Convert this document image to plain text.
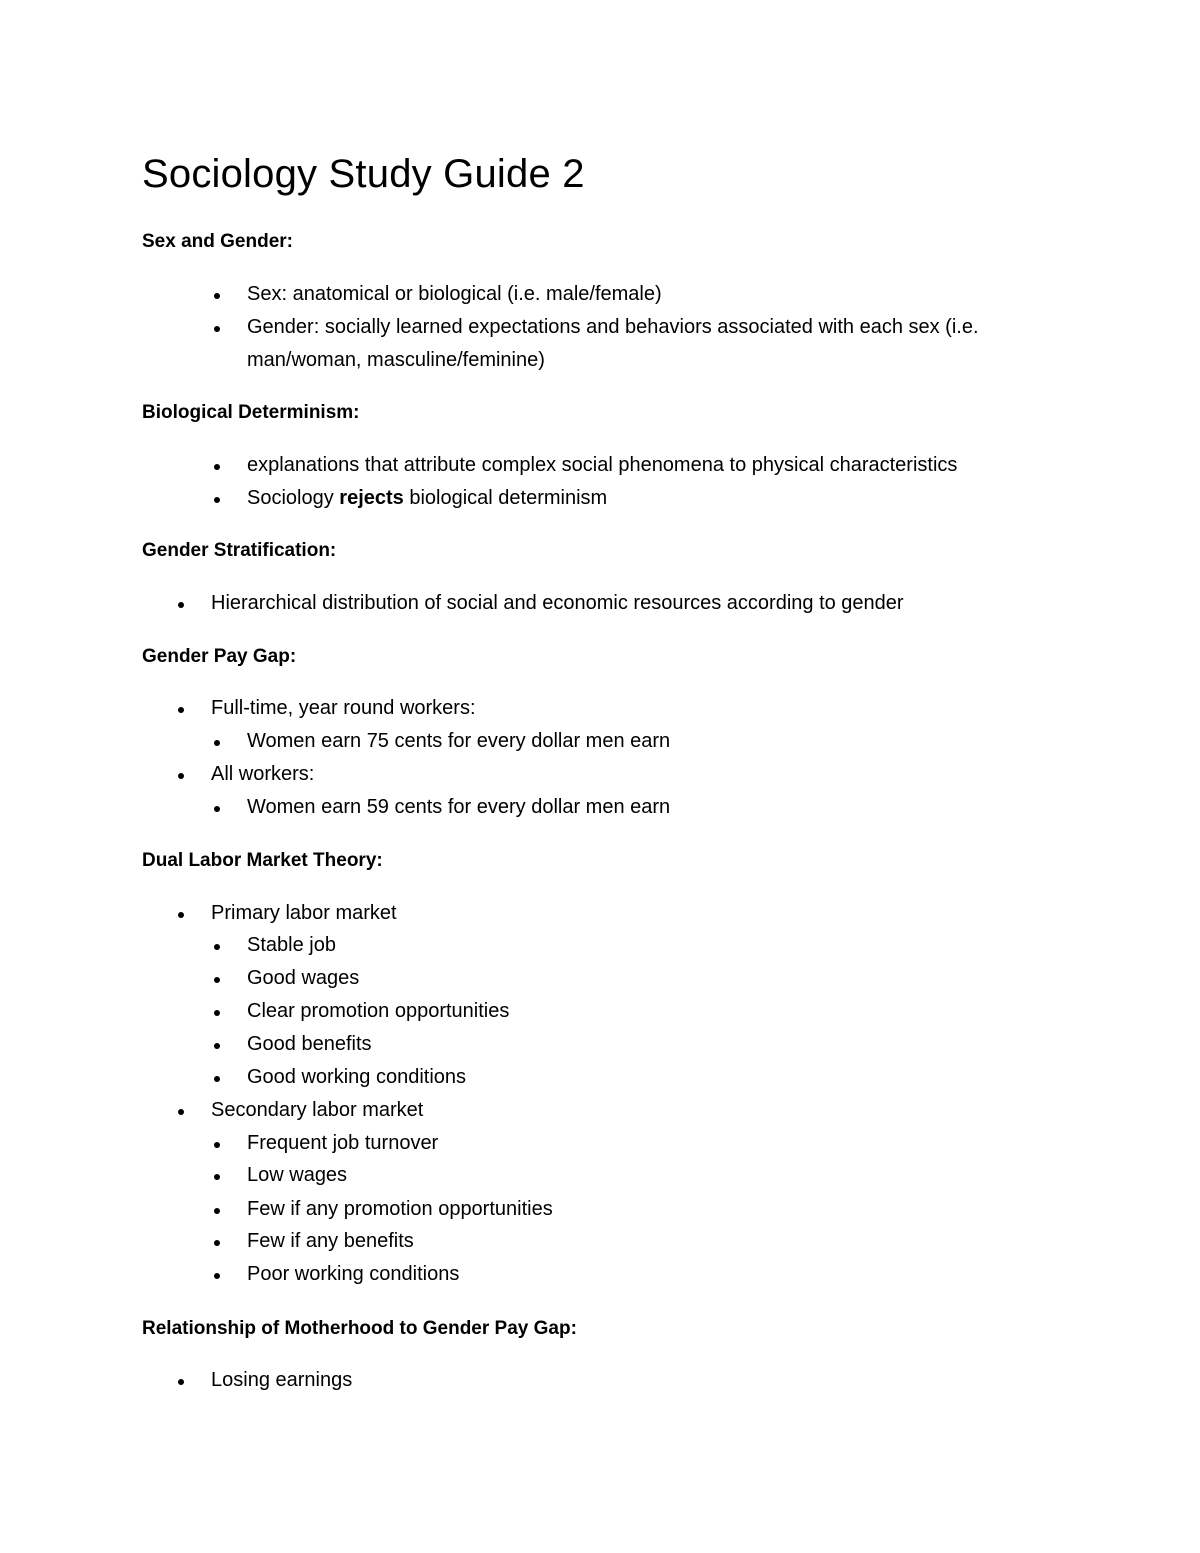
Sociology Study Guide 2
Sex and Gender:
Sex: anatomical or biological (i.e. male/female)
Gender: socially learned expectations and behaviors associated with each sex (i.e. man/woman, masculine/feminine)
Biological Determinism:
explanations that attribute complex social phenomena to physical characteristics
Sociology rejects biological determinism
Gender Stratification:
Hierarchical distribution of social and economic resources according to gender
Gender Pay Gap:
Full-time, year round workers:
Women earn 75 cents for every dollar men earn
All workers:
Women earn 59 cents for every dollar men earn
Dual Labor Market Theory:
Primary labor market
Stable job
Good wages
Clear promotion opportunities
Good benefits
Good working conditions
Secondary labor market
Frequent job turnover
Low wages
Few if any promotion opportunities
Few if any benefits
Poor working conditions
Relationship of Motherhood to Gender Pay Gap:
Losing earnings
